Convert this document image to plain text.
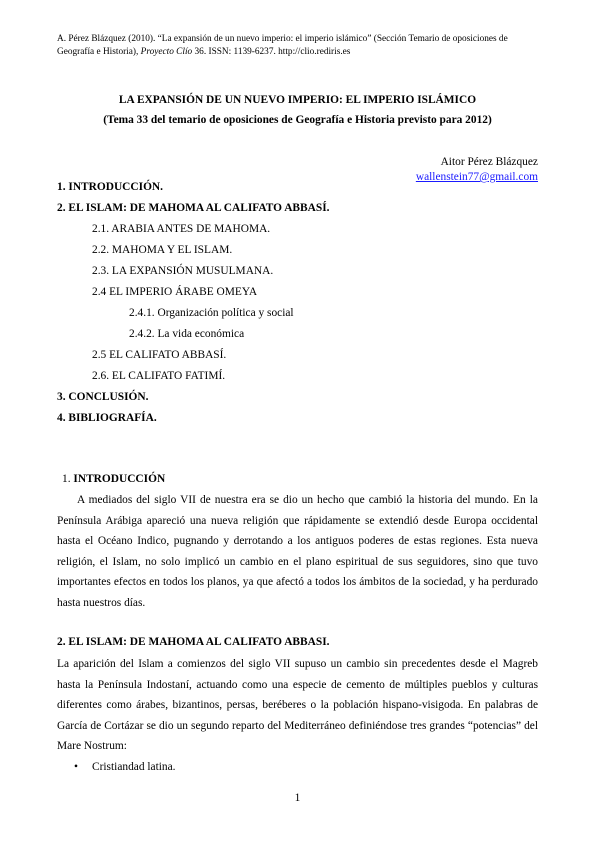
A. Pérez Blázquez (2010). “La expansión de un nuevo imperio: el imperio islámico” (Sección Temario de oposiciones de Geografía e Historia), Proyecto Clío 36. ISSN: 1139-6237. http://clio.rediris.es
LA EXPANSIÓN DE UN NUEVO IMPERIO: EL IMPERIO ISLÁMICO
(Tema 33 del temario de oposiciones de Geografía e Historia previsto para 2012)
Aitor Pérez Blázquez
wallenstein77@gmail.com
1. INTRODUCCIÓN.
2. EL ISLAM: DE MAHOMA AL CALIFATO ABBASÍ.
2.1. ARABIA ANTES DE MAHOMA.
2.2. MAHOMA Y EL ISLAM.
2.3. LA EXPANSIÓN MUSULMANA.
2.4 EL IMPERIO ÁRABE OMEYA
2.4.1. Organización política y social
2.4.2. La vida económica
2.5 EL CALIFATO ABBASÍ.
2.6. EL CALIFATO FATIMÍ.
3. CONCLUSIÓN.
4. BIBLIOGRAFÍA.
1. INTRODUCCIÓN
A mediados del siglo VII de nuestra era se dio un hecho que cambió la historia del mundo. En la Península Arábiga apareció una nueva religión que rápidamente se extendió desde Europa occidental hasta el Océano Indico, pugnando y derrotando a los antiguos poderes de estas regiones. Esta nueva religión, el Islam, no solo implicó un cambio en el plano espiritual de sus seguidores, sino que tuvo importantes efectos en todos los planos, ya que afectó a todos los ámbitos de la sociedad, y ha perdurado hasta nuestros días.
2. EL ISLAM: DE MAHOMA AL CALIFATO ABBASI.
La aparición del Islam a comienzos del siglo VII supuso un cambio sin precedentes desde el Magreb hasta la Península Indostaní, actuando como una especie de cemento de múltiples pueblos y culturas diferentes como árabes, bizantinos, persas, beréberes o la población hispano-visigoda. En palabras de García de Cortázar se dio un segundo reparto del Mediterráneo definiéndose tres grandes “potencias” del Mare Nostrum:
• Cristiandad latina.
1
